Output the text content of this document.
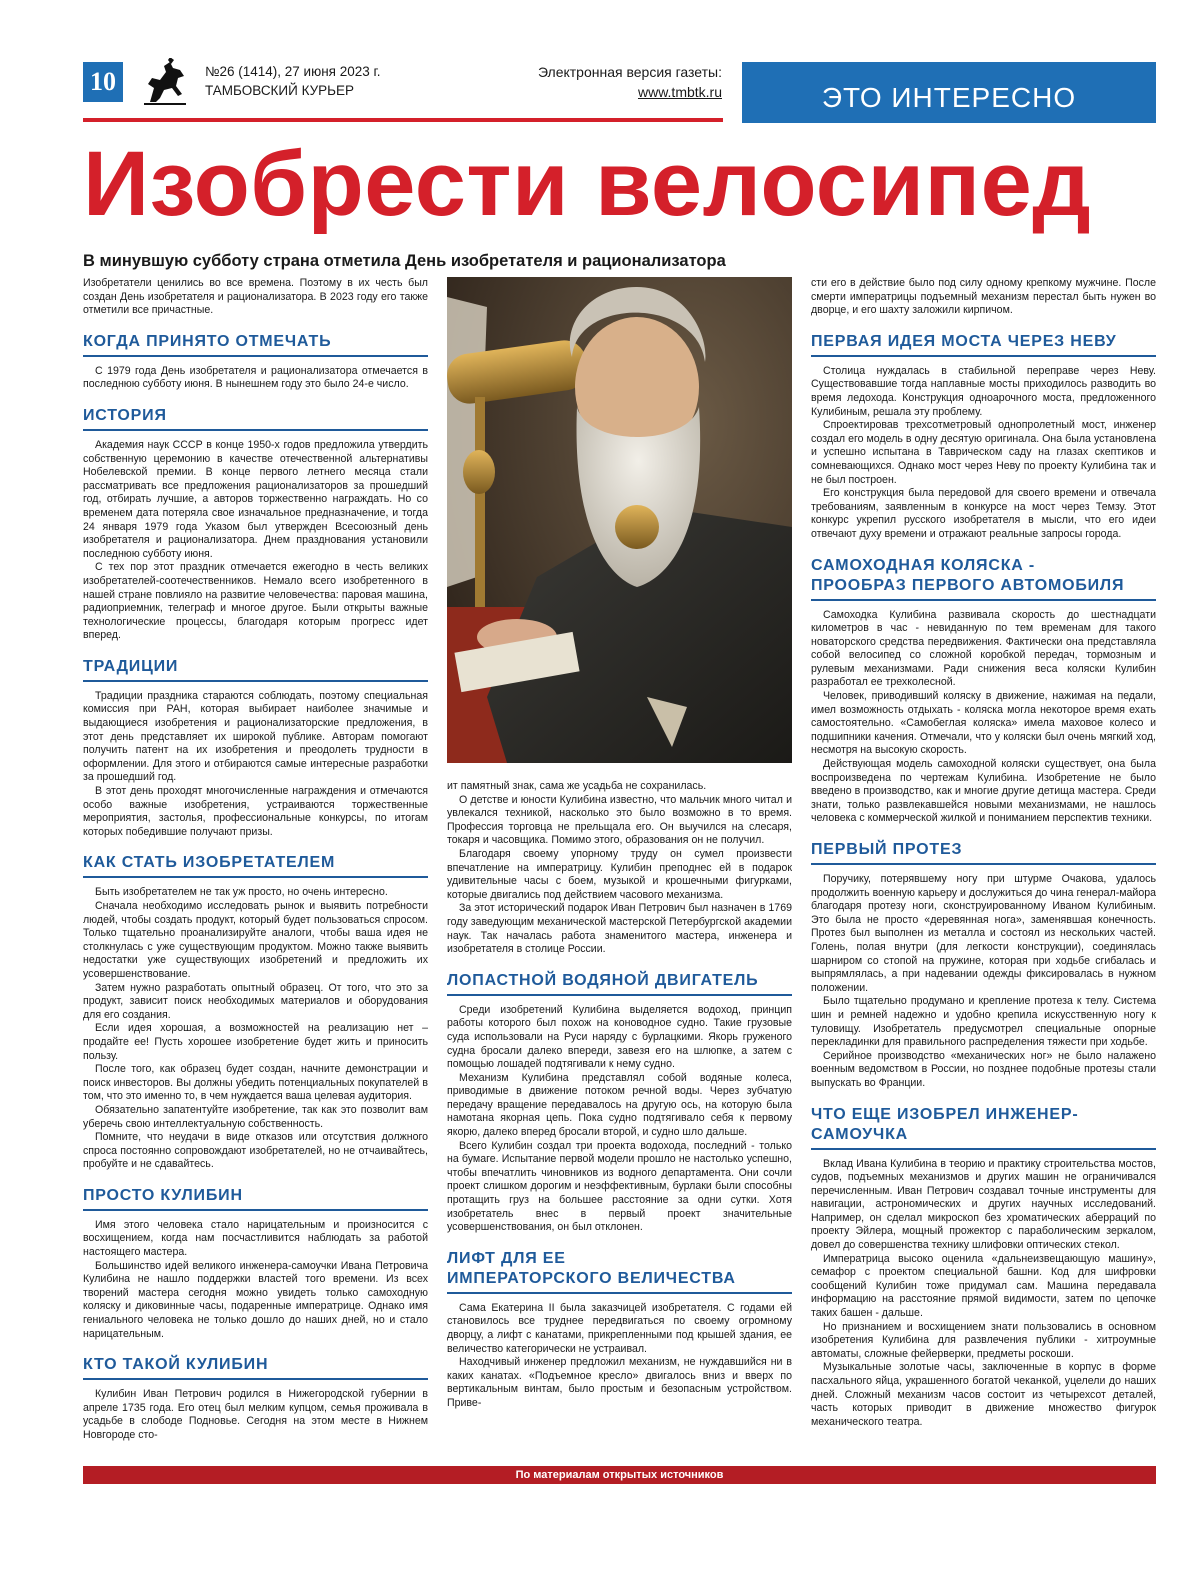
10	№26 (1414), 27 июня 2023 г.
ТАМБОВСКИЙ КУРЬЕР
Электронная версия газеты:
www.tmbtk.ru	ЭТО ИНТЕРЕСНО
Изобрести велосипед
В минувшую субботу страна отметила День изобретателя и рационализатора

Изобретатели ценились во все времена. Поэтому в их честь был создан День изобретателя и рационализатора. В 2023 году его также отметили все причастные.

КОГДА ПРИНЯТО ОТМЕЧАТЬ

С 1979 года День изобретателя и рационализатора отмечается в последнюю субботу июня. В нынешнем году это было 24-е число.

ИСТОРИЯ

Академия наук СССР в конце 1950-х годов предложила утвердить собственную церемонию в качестве отечественной альтернативы Нобелевской премии. В конце первого летнего месяца стали рассматривать все предложения рационализаторов за прошедший год, отбирать лучшие, а авторов торжественно награждать. Но со временем дата потеряла свое изначальное предназначение, и тогда 24 января 1979 года Указом был утвержден Всесоюзный день изобретателя и рационализатора. Днем празднования установили последнюю субботу июня.

С тех пор этот праздник отмечается ежегодно в честь великих изобретателей-соотечественников. Немало всего изобретенного в нашей стране повлияло на развитие человечества: паровая машина, радиоприемник, телеграф и многое другое. Были открыты важные технологические процессы, благодаря которым прогресс идет вперед.

ТРАДИЦИИ

Традиции праздника стараются соблюдать, поэтому специальная комиссия при РАН, которая выбирает наиболее значимые и выдающиеся изобретения и рационализаторские предложения, в этот день представляет их широкой публике. Авторам помогают получить патент на их изобретения и преодолеть трудности в оформлении. Для этого и отбираются самые интересные разработки за прошедший год.

В этот день проходят многочисленные награждения и отмечаются особо важные изобретения, устраиваются торжественные мероприятия, застолья, профессиональные конкурсы, по итогам которых победившие получают призы.

КАК СТАТЬ ИЗОБРЕТАТЕЛЕМ

Быть изобретателем не так уж просто, но очень интересно.

Сначала необходимо исследовать рынок и выявить потребности людей, чтобы создать продукт, который будет пользоваться спросом. Только тщательно проанализируйте аналоги, чтобы ваша идея не столкнулась с уже существующим продуктом. Можно также выявить недостатки уже существующих изобретений и предложить их усовершенствование.

Затем нужно разработать опытный образец. От того, что это за продукт, зависит поиск необходимых материалов и оборудования для его создания.

Если идея хорошая, а возможностей на реализацию нет – продайте ее! Пусть хорошее изобретение будет жить и приносить пользу.

После того, как образец будет создан, начните демонстрации и поиск инвесторов. Вы должны убедить потенциальных покупателей в том, что это именно то, в чем нуждается ваша целевая аудитория.

Обязательно запатентуйте изобретение, так как это позволит вам уберечь свою интеллектуальную собственность.

Помните, что неудачи в виде отказов или отсутствия должного спроса постоянно сопровождают изобретателей, но не отчаивайтесь, пробуйте и не сдавайтесь.

ПРОСТО КУЛИБИН

Имя этого человека стало нарицательным и произносится с восхищением, когда нам посчастливится наблюдать за работой настоящего мастера.

Большинство идей великого инженера-самоучки Ивана Петровича Кулибина не нашло поддержки властей того времени. Из всех творений мастера сегодня можно увидеть только самоходную коляску и диковинные часы, подаренные императрице. Однако имя гениального человека не только дошло до наших дней, но и стало нарицательным.

КТО ТАКОЙ КУЛИБИН

Кулибин Иван Петрович родился в Нижегородской губернии в апреле 1735 года. Его отец был мелким купцом, семья проживала в усадьбе в слободе Подновье. Сегодня на этом месте в Нижнем Новгороде сто-

ит памятный знак, сама же усадьба не сохранилась.

О детстве и юности Кулибина известно, что мальчик много читал и увлекался техникой, насколько это было возможно в то время. Профессия торговца не прельщала его. Он выучился на слесаря, токаря и часовщика. Помимо этого, образования он не получил.

Благодаря своему упорному труду он сумел произвести впечатление на императрицу. Кулибин преподнес ей в подарок удивительные часы с боем, музыкой и крошечными фигурками, которые двигались под действием часового механизма.

За этот исторический подарок Иван Петрович был назначен в 1769 году заведующим механической мастерской Петербургской академии наук. Так началась работа знаменитого мастера, инженера и изобретателя в столице России.

ЛОПАСТНОЙ ВОДЯНОЙ ДВИГАТЕЛЬ

Среди изобретений Кулибина выделяется водоход, принцип работы которого был похож на коноводное судно. Такие грузовые суда использовали на Руси наряду с бурлацкими. Якорь груженого судна бросали далеко впереди, завезя его на шлюпке, а затем с помощью лошадей подтягивали к нему судно.

Механизм Кулибина представлял собой водяные колеса, приводимые в движение потоком речной воды. Через зубчатую передачу вращение передавалось на другую ось, на которую была намотана якорная цепь. Пока судно подтягивало себя к первому якорю, далеко вперед бросали второй, и судно шло дальше.

Всего Кулибин создал три проекта водохода, последний - только на бумаге. Испытание первой модели прошло не настолько успешно, чтобы впечатлить чиновников из водного департамента. Они сочли проект слишком дорогим и неэффективным, бурлаки были способны протащить груз на большее расстояние за одни сутки. Хотя изобретатель внес в первый проект значительные усовершенствования, он был отклонен.

ЛИФТ ДЛЯ ЕЕ
ИМПЕРАТОРСКОГО ВЕЛИЧЕСТВА

Сама Екатерина II была заказчицей изобретателя. С годами ей становилось все труднее передвигаться по своему огромному дворцу, а лифт с канатами, прикрепленными под крышей здания, ее величество категорически не устраивал.

Находчивый инженер предложил механизм, не нуждавшийся ни в каких канатах. «Подъемное кресло» двигалось вниз и вверх по вертикальным винтам, было простым и безопасным устройством. Приве-

сти его в действие было под силу одному крепкому мужчине. После смерти императрицы подъемный механизм перестал быть нужен во дворце, и его шахту заложили кирпичом.

ПЕРВАЯ ИДЕЯ МОСТА ЧЕРЕЗ НЕВУ

Столица нуждалась в стабильной переправе через Неву. Существовавшие тогда наплавные мосты приходилось разводить во время ледохода. Конструкция одноарочного моста, предложенного Кулибиным, решала эту проблему.

Спроектировав трехсотметровый однопролетный мост, инженер создал его модель в одну десятую оригинала. Она была установлена и успешно испытана в Таврическом саду на глазах скептиков и сомневающихся. Однако мост через Неву по проекту Кулибина так и не был построен.

Его конструкция была передовой для своего времени и отвечала требованиям, заявленным в конкурсе на мост через Темзу. Этот конкурс укрепил русского изобретателя в мысли, что его идеи отвечают духу времени и отражают реальные запросы города.

САМОХОДНАЯ КОЛЯСКА -
ПРООБРАЗ ПЕРВОГО АВТОМОБИЛЯ

Самоходка Кулибина развивала скорость до шестнадцати километров в час - невиданную по тем временам для такого новаторского средства передвижения. Фактически она представляла собой велосипед со сложной коробкой передач, тормозным и рулевым механизмами. Ради снижения веса коляски Кулибин разработал ее трехколесной.

Человек, приводивший коляску в движение, нажимая на педали, имел возможность отдыхать - коляска могла некоторое время ехать самостоятельно. «Самобеглая коляска» имела маховое колесо и подшипники качения. Отмечали, что у коляски был очень мягкий ход, несмотря на высокую скорость.

Действующая модель самоходной коляски существует, она была воспроизведена по чертежам Кулибина. Изобретение не было введено в производство, как и многие другие детища мастера. Среди знати, только развлекавшейся новыми механизмами, не нашлось человека с коммерческой жилкой и пониманием перспектив техники.

ПЕРВЫЙ ПРОТЕЗ

Поручику, потерявшему ногу при штурме Очакова, удалось продолжить военную карьеру и дослужиться до чина генерал-майора благодаря протезу ноги, сконструированному Иваном Кулибиным. Это была не просто «деревянная нога», заменявшая конечность. Протез был выполнен из металла и состоял из нескольких частей. Голень, полая внутри (для легкости конструкции), соединялась шарниром со стопой на пружине, которая при ходьбе сгибалась и выпрямлялась, а при надевании одежды фиксировалась в нужном положении.

Было тщательно продумано и крепление протеза к телу. Система шин и ремней надежно и удобно крепила искусственную ногу к туловищу. Изобретатель предусмотрел специальные опорные перекладинки для правильного распределения тяжести при ходьбе.

Серийное производство «механических ног» не было налажено военным ведомством в России, но позднее подобные протезы стали выпускать во Франции.

ЧТО ЕЩЕ ИЗОБРЕЛ ИНЖЕНЕР-САМОУЧКА

Вклад Ивана Кулибина в теорию и практику строительства мостов, судов, подъемных механизмов и других машин не ограничивался перечисленным. Иван Петрович создавал точные инструменты для навигации, астрономических и других научных исследований. Например, он сделал микроскоп без хроматических аберраций по проекту Эйлера, мощный прожектор с параболическим зеркалом, довел до совершенства технику шлифовки оптических стекол.

Императрица высоко оценила «дальнеизвещающую машину», семафор с проектом специальной башни. Код для шифровки сообщений Кулибин тоже придумал сам. Машина передавала информацию на расстояние прямой видимости, затем по цепочке таких башен - дальше.

Но признанием и восхищением знати пользовались в основном изобретения Кулибина для развлечения публики - хитроумные автоматы, сложные фейерверки, предметы роскоши.

Музыкальные золотые часы, заключенные в корпус в форме пасхального яйца, украшенного богатой чеканкой, уцелели до наших дней. Сложный механизм часов состоит из четырехсот деталей, часть которых приводит в движение множество фигурок механического театра.

По материалам открытых источников
